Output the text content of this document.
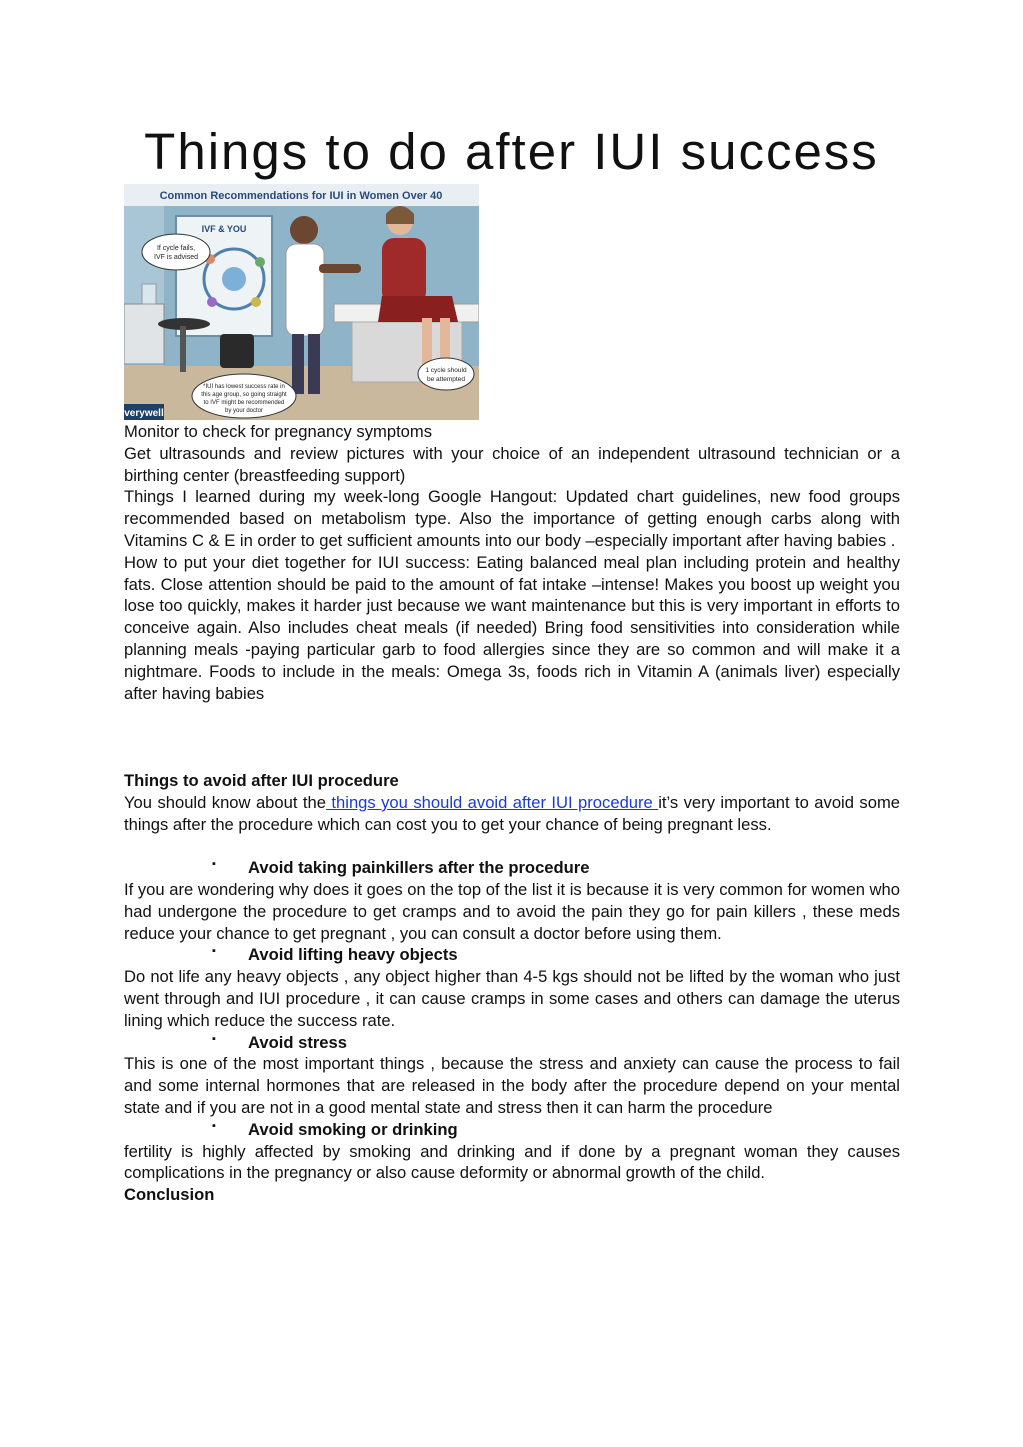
Things to do after IUI success
Common Recommendations for IUI in Women Over 40
IVF & YOU
If cycle fails,
IVF is advised
1 cycle should
be attempted
*IUI has lowest success rate in
this age group, so going straight
to IVF might be recommended
by your doctor
verywell

Monitor to check for pregnancy symptoms

Get ultrasounds and review pictures with your choice of an independent ultrasound technician or a birthing center (breastfeeding support)

Things I learned during my week-long Google Hangout: Updated chart guidelines, new food groups recommended based on metabolism type. Also the importance of getting enough carbs along with Vitamins C & E in order to get sufficient amounts into our body –especially important after having babies .

How to put your diet together for IUI success: Eating balanced meal plan including protein and healthy fats. Close attention should be paid to the amount of fat intake –intense! Makes you boost up weight you lose too quickly, makes it harder just because we want maintenance but this is very important in efforts to conceive again. Also includes cheat meals (if needed) Bring food sensitivities into consideration while planning meals -paying particular garb to food allergies since they are so common and will make it a nightmare. Foods to include in the meals: Omega 3s, foods rich in Vitamin A (animals liver) especially after having babies

Things to avoid after IUI procedure

You should know about the things you should avoid after IUI procedure it’s very important to avoid some things after the procedure which can cost you to get your chance of being pregnant less.

▪ Avoid taking painkillers after the procedure

If you are wondering why does it goes on the top of the list it is because it is very common for women who had undergone the procedure to get cramps and to avoid the pain they go for pain killers , these meds reduce your chance to get pregnant , you can consult a doctor before using them.

▪ Avoid lifting heavy objects

Do not life any heavy objects , any object higher than 4-5 kgs should not be lifted by the woman who just went through and IUI procedure , it can cause cramps in some cases and others can damage the uterus lining which reduce the success rate.

▪ Avoid stress

This is one of the most important things , because the stress and anxiety can cause the process to fail and some internal hormones that are released in the body after the procedure depend on your mental state and if you are not in a good mental state and stress then it can harm the procedure

▪ Avoid smoking or drinking

fertility is highly affected by smoking and drinking and if done by a pregnant woman they causes complications in the pregnancy or also cause deformity or abnormal growth of the child.

Conclusion
